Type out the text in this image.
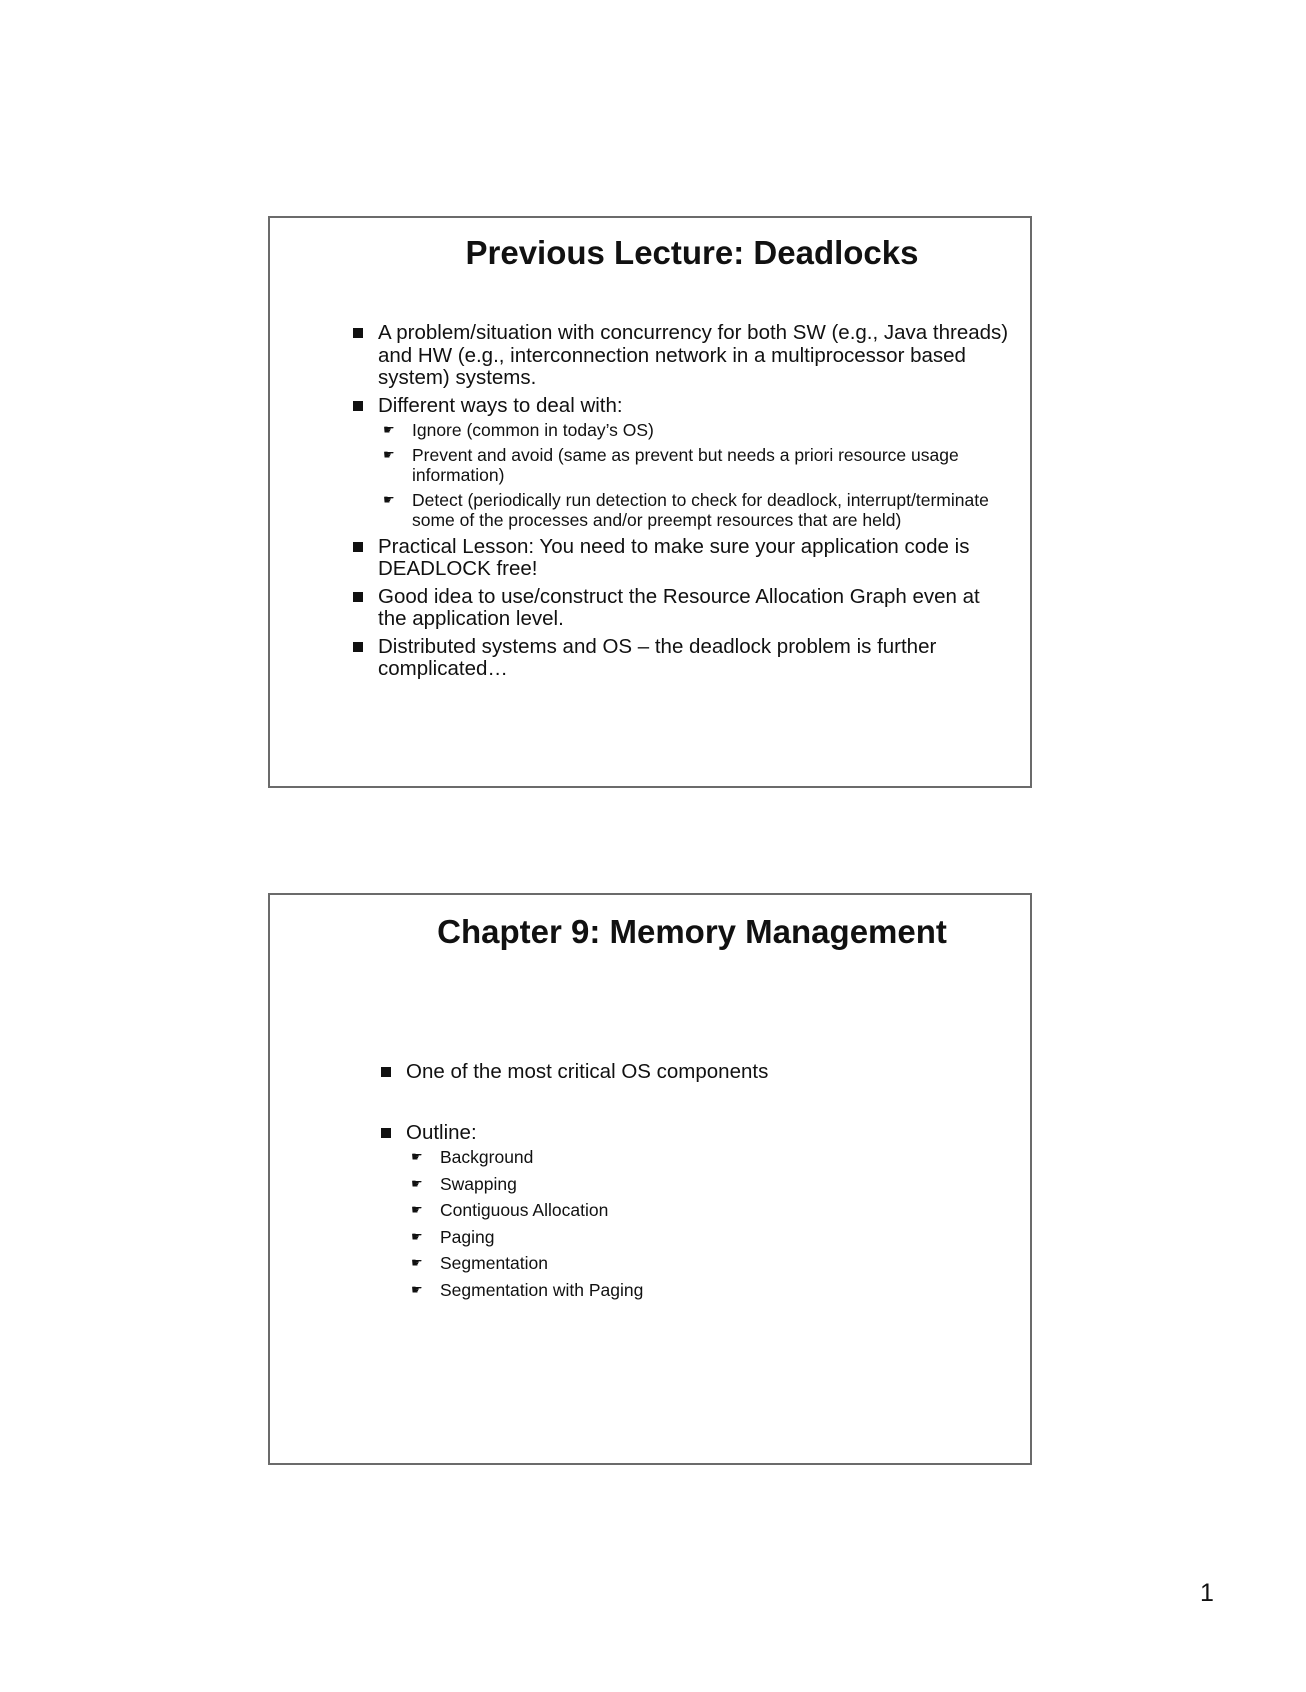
Previous Lecture: Deadlocks
A problem/situation with concurrency for both SW (e.g., Java threads) and HW (e.g., interconnection network in a multiprocessor based system) systems.
Different ways to deal with:
☛ Ignore (common in today’s OS)
☛ Prevent and avoid (same as prevent but needs a priori resource usage information)
☛ Detect (periodically run detection to check for deadlock, interrupt/terminate some of the processes and/or preempt resources that are held)
Practical Lesson: You need to make sure your application code is DEADLOCK free!
Good idea to use/construct the Resource Allocation Graph even at the application level.
Distributed systems and OS – the deadlock problem is further complicated…
Chapter 9: Memory Management
One of the most critical OS components
Outline:
☛ Background
☛ Swapping
☛ Contiguous Allocation
☛ Paging
☛ Segmentation
☛ Segmentation with Paging
1
